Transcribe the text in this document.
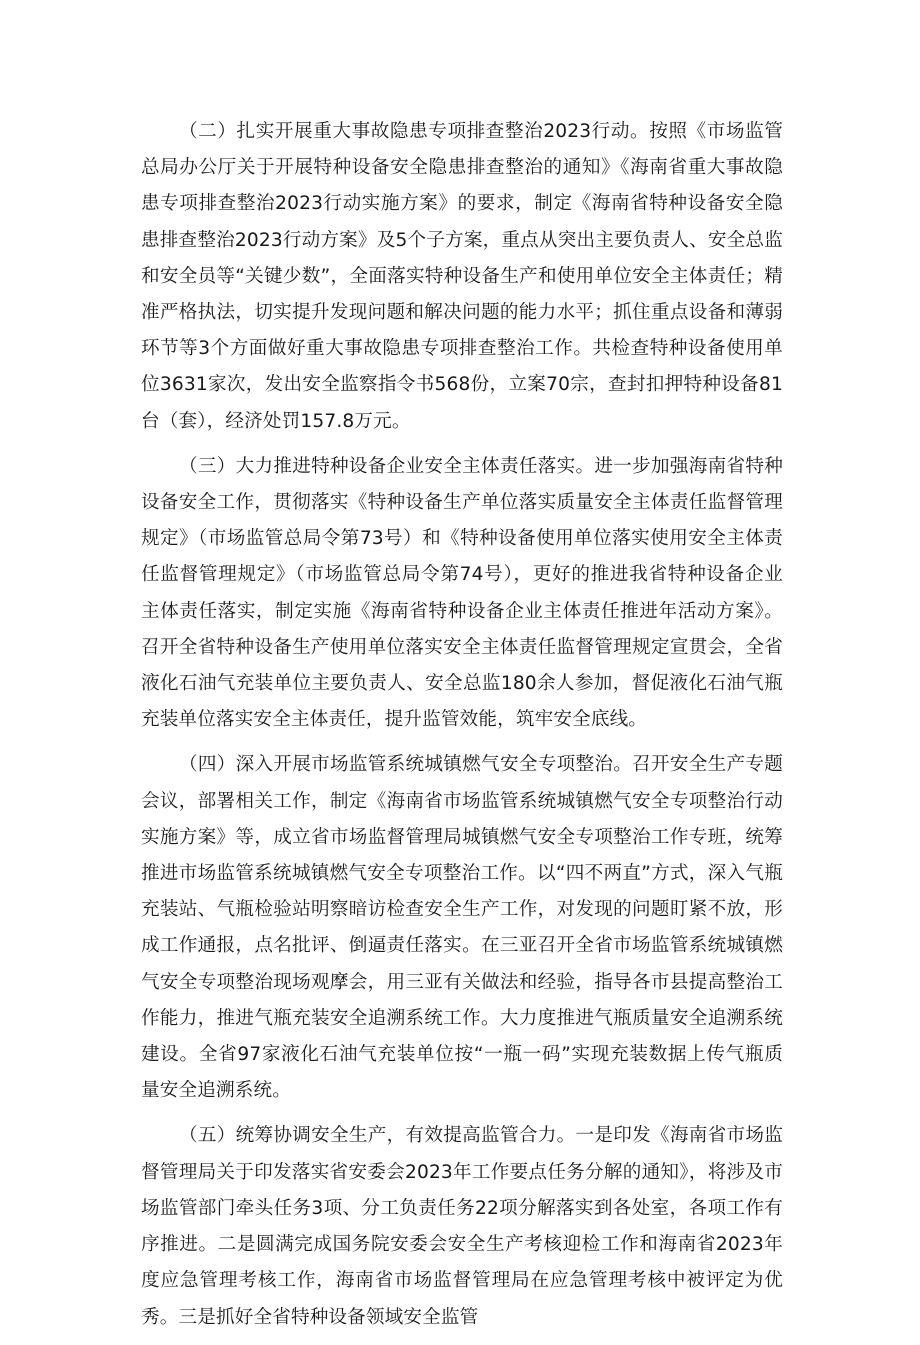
（二）扎实开展重大事故隐患专项排查整治2023行动。按照《市场监管总局办公厅关于开展特种设备安全隐患排查整治的通知》《海南省重大事故隐患专项排查整治2023行动实施方案》的要求，制定《海南省特种设备安全隐患排查整治2023行动方案》及5个子方案，重点从突出主要负责人、安全总监和安全员等“关键少数”，全面落实特种设备生产和使用单位安全主体责任；精准严格执法，切实提升发现问题和解决问题的能力水平；抓住重点设备和薄弱环节等3个方面做好重大事故隐患专项排查整治工作。共检查特种设备使用单位3631家次，发出安全监察指令书568份，立案70宗，查封扣押特种设备81台（套），经济处罚157.8万元。

（三）大力推进特种设备企业安全主体责任落实。进一步加强海南省特种设备安全工作，贯彻落实《特种设备生产单位落实质量安全主体责任监督管理规定》（市场监管总局令第73号）和《特种设备使用单位落实使用安全主体责任监督管理规定》（市场监管总局令第74号），更好的推进我省特种设备企业主体责任落实，制定实施《海南省特种设备企业主体责任推进年活动方案》。召开全省特种设备生产使用单位落实安全主体责任监督管理规定宣贯会，全省液化石油气充装单位主要负责人、安全总监180余人参加，督促液化石油气瓶充装单位落实安全主体责任，提升监管效能，筑牢安全底线。

（四）深入开展市场监管系统城镇燃气安全专项整治。召开安全生产专题会议，部署相关工作，制定《海南省市场监管系统城镇燃气安全专项整治行动实施方案》等，成立省市场监督管理局城镇燃气安全专项整治工作专班，统筹推进市场监管系统城镇燃气安全专项整治工作。以“四不两直”方式，深入气瓶充装站、气瓶检验站明察暗访检查安全生产工作，对发现的问题盯紧不放，形成工作通报，点名批评、倒逼责任落实。在三亚召开全省市场监管系统城镇燃气安全专项整治现场观摩会，用三亚有关做法和经验，指导各市县提高整治工作能力，推进气瓶充装安全追溯系统工作。大力度推进气瓶质量安全追溯系统建设。全省97家液化石油气充装单位按“一瓶一码”实现充装数据上传气瓶质量安全追溯系统。

（五）统筹协调安全生产，有效提高监管合力。一是印发《海南省市场监督管理局关于印发落实省安委会2023年工作要点任务分解的通知》，将涉及市场监管部门牵头任务3项、分工负责任务22项分解落实到各处室，各项工作有序推进。二是圆满完成国务院安委会安全生产考核迎检工作和海南省2023年度应急管理考核工作，海南省市场监督管理局在应急管理考核中被评定为优秀。三是抓好全省特种设备领域安全监管
